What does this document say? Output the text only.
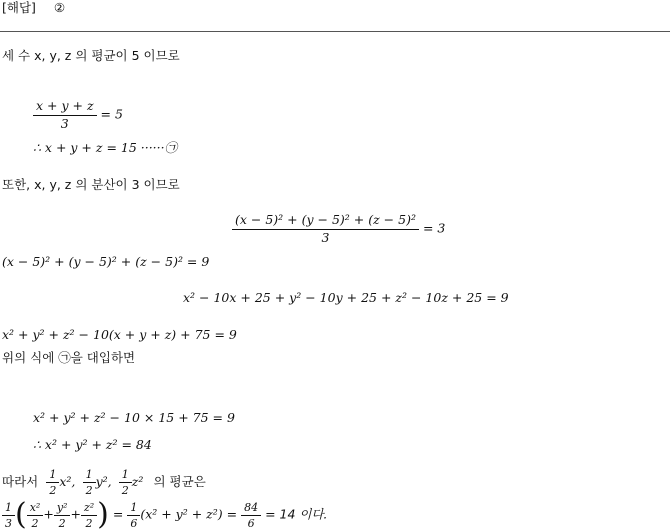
[해답] ②
세 수 x, y, z 의 평균이 5 이므로
$\frac{x + y + z}{3} = 5$
∴ x + y + z = 15 ······㉠
또한, x, y, z 의 분산이 3 이므로
$\frac{\text{(x − 5)² + (y − 5)² + (z − 5)²}}{3} = 3$
(x − 5)² + (y − 5)² + (z − 5)² = 9
x² − 10x + 25 + y² − 10y + 25 + z² − 10z + 25 = 9
x² + y² + z² − 10(x + y + z) + 75 = 9
위의 식에 ㉠을 대입하면
x² + y² + z² − 10 × 15 + 75 = 9
∴ x² + y² + z² = 84
따라서 $\frac{1}{2} x^2$, $\frac{1}{2} y^2$, $\frac{1}{2} z^2$ 의 평균은
$\frac{1}{3}$ ( $\frac{\text{x²}}{2} + \frac{\text{y²}}{2} + \frac{\text{z²}}{2}$ ) = $\frac{1}{6} (x^2 + y^2 + z^2) = \frac{84}{6} = 14$ 이다.
